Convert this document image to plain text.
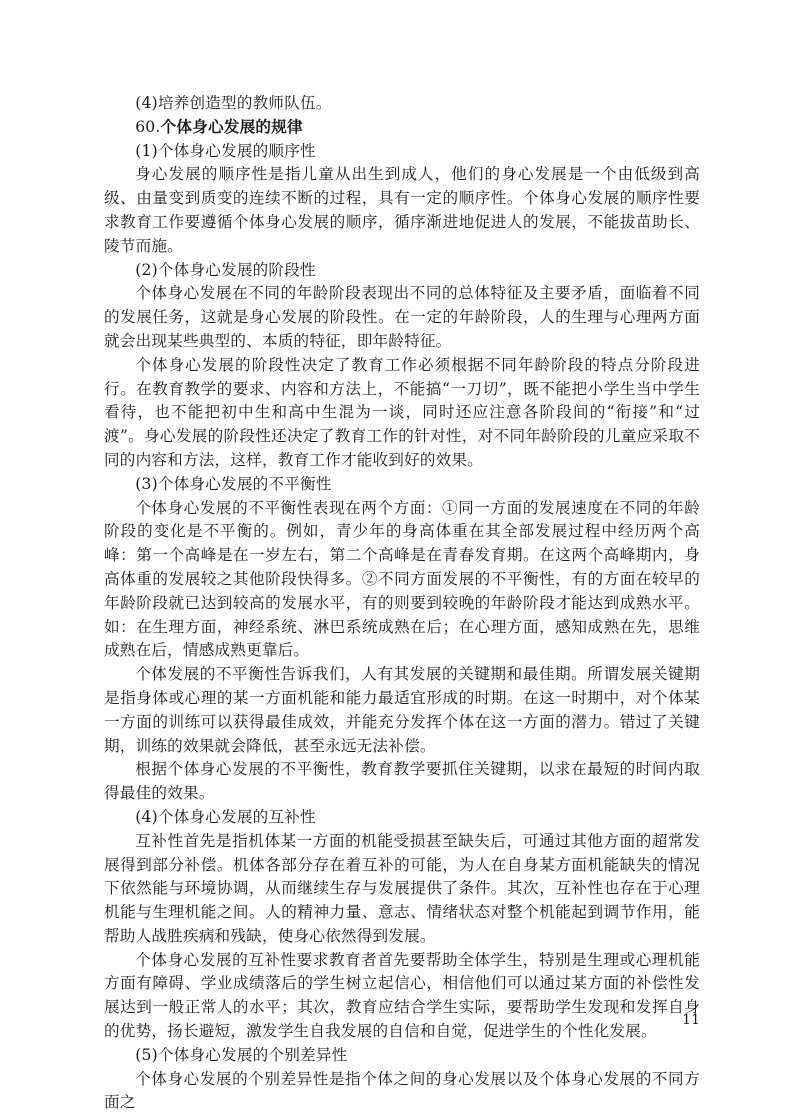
(4)培养创造型的教师队伍。

60.个体身心发展的规律

(1)个体身心发展的顺序性

身心发展的顺序性是指儿童从出生到成人，他们的身心发展是一个由低级到高级、由量变到质变的连续不断的过程，具有一定的顺序性。个体身心发展的顺序性要求教育工作要遵循个体身心发展的顺序，循序渐进地促进人的发展，不能拔苗助长、陵节而施。

(2)个体身心发展的阶段性

个体身心发展在不同的年龄阶段表现出不同的总体特征及主要矛盾，面临着不同的发展任务，这就是身心发展的阶段性。在一定的年龄阶段，人的生理与心理两方面就会出现某些典型的、本质的特征，即年龄特征。

个体身心发展的阶段性决定了教育工作必须根据不同年龄阶段的特点分阶段进行。在教育教学的要求、内容和方法上，不能搞“一刀切”，既不能把小学生当中学生看待，也不能把初中生和高中生混为一谈，同时还应注意各阶段间的“衔接”和“过渡”。身心发展的阶段性还决定了教育工作的针对性，对不同年龄阶段的儿童应采取不同的内容和方法，这样，教育工作才能收到好的效果。

(3)个体身心发展的不平衡性

个体身心发展的不平衡性表现在两个方面：①同一方面的发展速度在不同的年龄阶段的变化是不平衡的。例如，青少年的身高体重在其全部发展过程中经历两个高峰：第一个高峰是在一岁左右，第二个高峰是在青春发育期。在这两个高峰期内，身高体重的发展较之其他阶段快得多。②不同方面发展的不平衡性，有的方面在较早的年龄阶段就已达到较高的发展水平，有的则要到较晚的年龄阶段才能达到成熟水平。如：在生理方面，神经系统、淋巴系统成熟在后；在心理方面，感知成熟在先，思维成熟在后，情感成熟更靠后。

个体发展的不平衡性告诉我们，人有其发展的关键期和最佳期。所谓发展关键期是指身体或心理的某一方面机能和能力最适宜形成的时期。在这一时期中，对个体某一方面的训练可以获得最佳成效，并能充分发挥个体在这一方面的潜力。错过了关键期，训练的效果就会降低，甚至永远无法补偿。

根据个体身心发展的不平衡性，教育教学要抓住关键期，以求在最短的时间内取得最佳的效果。

(4)个体身心发展的互补性

互补性首先是指机体某一方面的机能受损甚至缺失后，可通过其他方面的超常发展得到部分补偿。机体各部分存在着互补的可能，为人在自身某方面机能缺失的情况下依然能与环境协调，从而继续生存与发展提供了条件。其次，互补性也存在于心理机能与生理机能之间。人的精神力量、意志、情绪状态对整个机能起到调节作用，能帮助人战胜疾病和残缺，使身心依然得到发展。

个体身心发展的互补性要求教育者首先要帮助全体学生，特别是生理或心理机能方面有障碍、学业成绩落后的学生树立起信心，相信他们可以通过某方面的补偿性发展达到一般正常人的水平；其次，教育应结合学生实际，要帮助学生发现和发挥自身的优势，扬长避短，激发学生自我发展的自信和自觉，促进学生的个性化发展。

(5)个体身心发展的个别差异性

个体身心发展的个别差异性是指个体之间的身心发展以及个体身心发展的不同方面之

11
